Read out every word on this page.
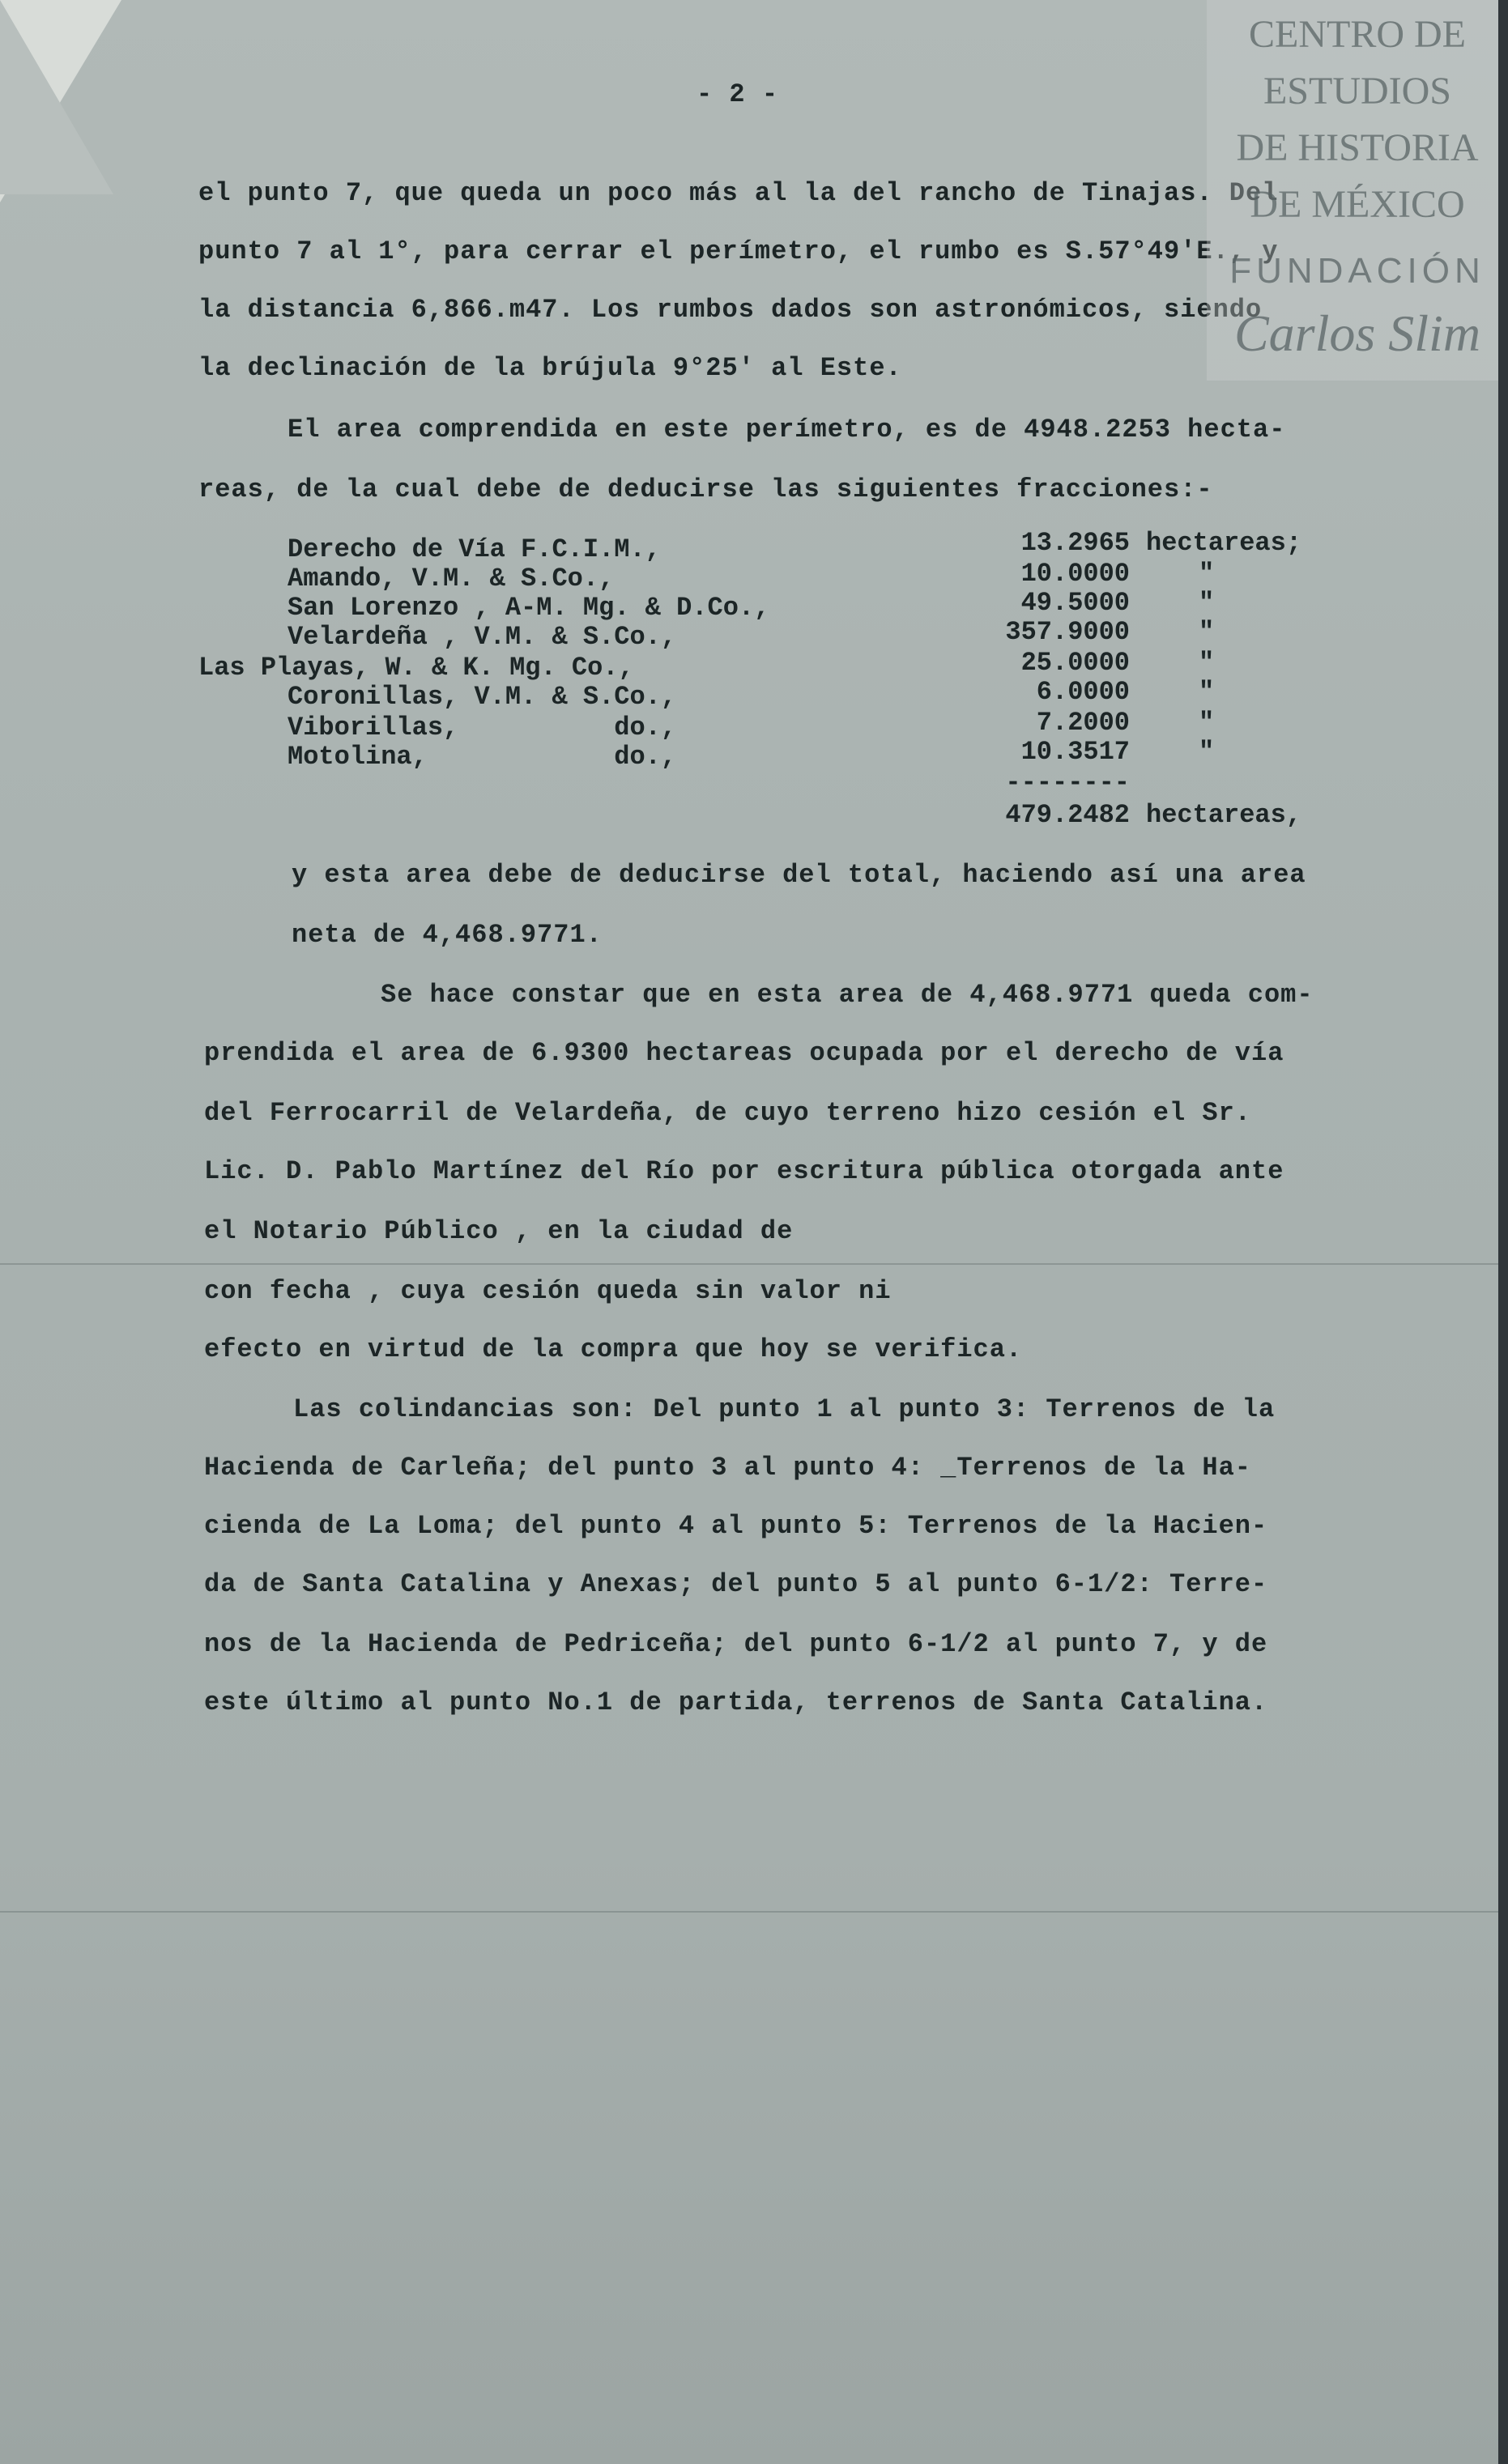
- 2 -
el punto 7, que queda un poco más al la del rancho de Tinajas. Del
punto 7 al 1°, para cerrar el perímetro, el rumbo es S.57°49'E., y
la distancia 6,866.m47. Los rumbos dados son astronómicos, siendo
la declinación de la brújula 9°25' al Este.
El area comprendida en este perímetro, es de 4948.2253 hecta-
reas, de la cual debe de deducirse las siguientes fracciones:-
Derecho de Vía F.C.I.M.,	13.2965 hectareas;
Amando, V.M. & S.Co.,	10.0000	"
San Lorenzo , A-M. Mg. & D.Co.,	49.5000	"
Velardeña , V.M. & S.Co.,	357.9000	"
Las Playas, W. & K. Mg. Co.,	25.0000	"
Coronillas, V.M. & S.Co.,	6.0000	"
Viborillas,          do.,	7.2000	"
Motolina,            do.,	10.3517	"
--------
479.2482 hectareas,
y esta area debe de deducirse del total, haciendo así una area
neta de 4,468.9771.
Se hace constar que en esta area de 4,468.9771 queda com-
prendida el area de 6.9300 hectareas ocupada por el derecho de vía
del Ferrocarril de Velardeña, de cuyo terreno hizo cesión el Sr.
Lic. D. Pablo Martínez del Río por escritura pública otorgada ante
el Notario Público , en la ciudad de
con fecha , cuya cesión queda sin valor ni
efecto en virtud de la compra que hoy se verifica.
Las colindancias son: Del punto 1 al punto 3: Terrenos de la
Hacienda de Carleña; del punto 3 al punto 4: _Terrenos de la Ha-
cienda de La Loma; del punto 4 al punto 5: Terrenos de la Hacien-
da de Santa Catalina y Anexas; del punto 5 al punto 6-1/2: Terre-
nos de la Hacienda de Pedriceña; del punto 6-1/2 al punto 7, y de
este último al punto No.1 de partida, terrenos de Santa Catalina.
CENTRO DE
ESTUDIOS
DE HISTORIA
DE MÉXICO
FUNDACIÓN
Carlos Slim
